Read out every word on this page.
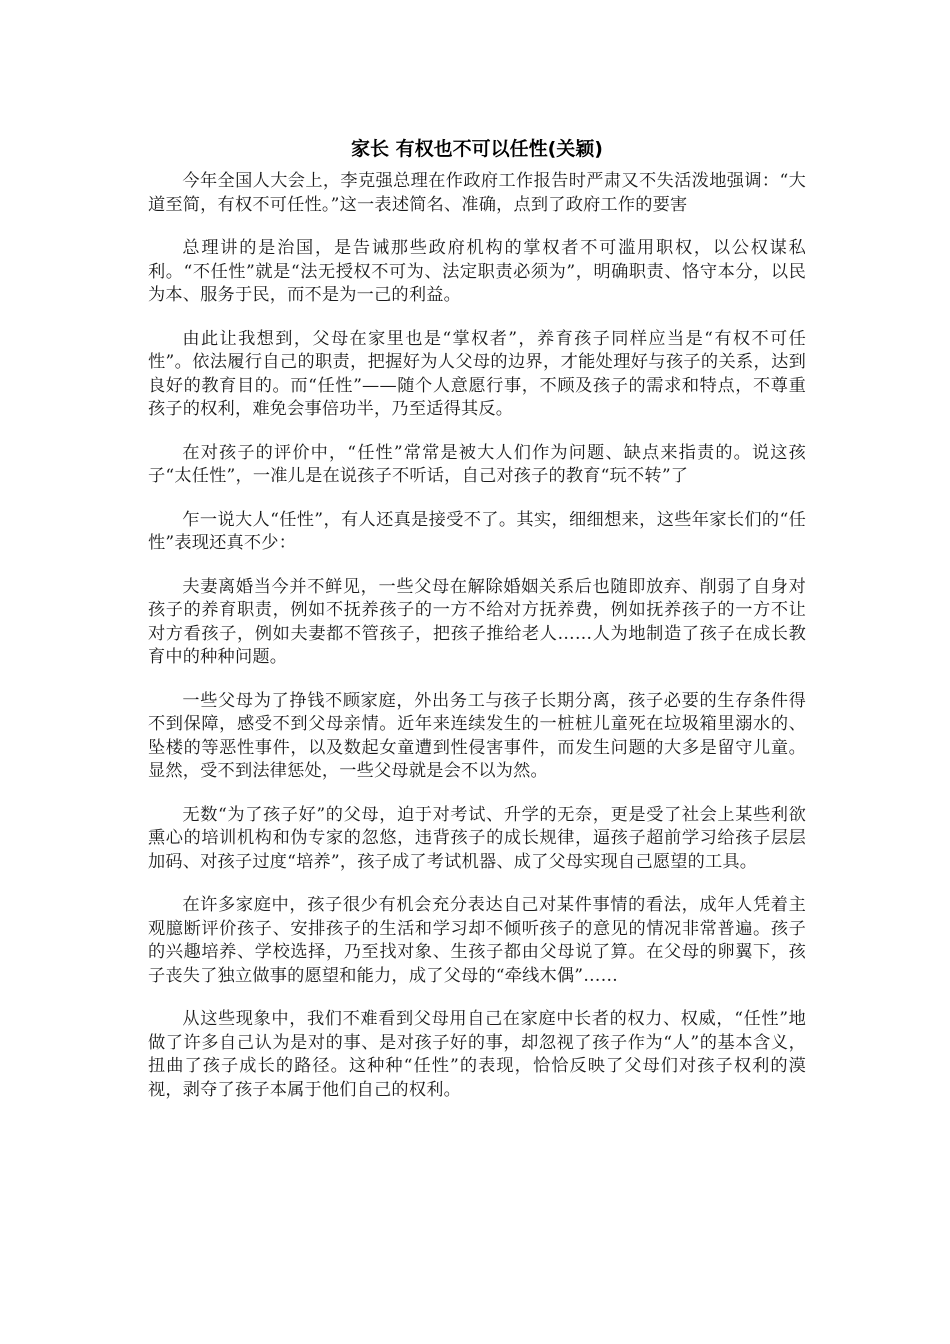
家长 有权也不可以任性(关颖)

今年全国人大会上，李克强总理在作政府工作报告时严肃又不失活泼地强调：“大道至简，有权不可任性。”这一表述简名、准确，点到了政府工作的要害

总理讲的是治国，是告诫那些政府机构的掌权者不可滥用职权，以公权谋私利。“不任性”就是“法无授权不可为、法定职责必须为”，明确职责、恪守本分，以民为本、服务于民，而不是为一己的利益。

由此让我想到，父母在家里也是“掌权者”，养育孩子同样应当是“有权不可任性”。依法履行自己的职责，把握好为人父母的边界，才能处理好与孩子的关系，达到良好的教育目的。而“任性”——随个人意愿行事，不顾及孩子的需求和特点，不尊重孩子的权利，难免会事倍功半，乃至适得其反。

在对孩子的评价中，“任性”常常是被大人们作为问题、缺点来指责的。说这孩子“太任性”，一准儿是在说孩子不听话，自己对孩子的教育“玩不转”了

乍一说大人“任性”，有人还真是接受不了。其实，细细想来，这些年家长们的“任性”表现还真不少：

夫妻离婚当今并不鲜见，一些父母在解除婚姻关系后也随即放弃、削弱了自身对孩子的养育职责，例如不抚养孩子的一方不给对方抚养费，例如抚养孩子的一方不让对方看孩子，例如夫妻都不管孩子，把孩子推给老人……人为地制造了孩子在成长教育中的种种问题。

一些父母为了挣钱不顾家庭，外出务工与孩子长期分离，孩子必要的生存条件得不到保障，感受不到父母亲情。近年来连续发生的一桩桩儿童死在垃圾箱里溺水的、坠楼的等恶性事件，以及数起女童遭到性侵害事件，而发生问题的大多是留守儿童。显然，受不到法律惩处，一些父母就是会不以为然。

无数“为了孩子好”的父母，迫于对考试、升学的无奈，更是受了社会上某些利欲熏心的培训机构和伪专家的忽悠，违背孩子的成长规律，逼孩子超前学习给孩子层层加码、对孩子过度“培养”，孩子成了考试机器、成了父母实现自己愿望的工具。

在许多家庭中，孩子很少有机会充分表达自己对某件事情的看法，成年人凭着主观臆断评价孩子、安排孩子的生活和学习却不倾听孩子的意见的情况非常普遍。孩子的兴趣培养、学校选择，乃至找对象、生孩子都由父母说了算。在父母的卵翼下，孩子丧失了独立做事的愿望和能力，成了父母的“牵线木偶”……

从这些现象中，我们不难看到父母用自己在家庭中长者的权力、权威，“任性”地做了许多自己认为是对的事、是对孩子好的事，却忽视了孩子作为“人”的基本含义，扭曲了孩子成长的路径。这种种“任性”的表现，恰恰反映了父母们对孩子权利的漠视，剥夺了孩子本属于他们自己的权利。
